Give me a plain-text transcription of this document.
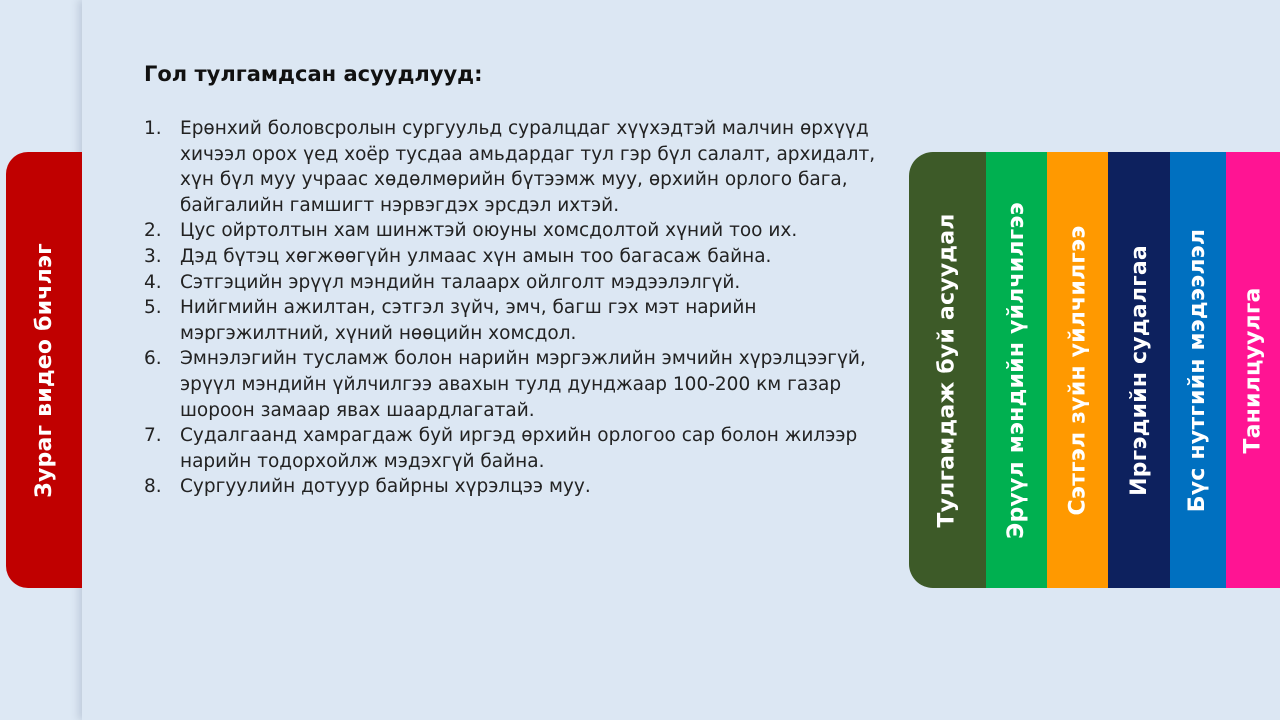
Зураг видео бичлэг
Гол тулгамдсан асуудлууд:
1. Ерөнхий боловсролын сургуульд суралцдаг хүүхэдтэй малчин өрхүүд хичээл орох үед хоёр тусдаа амьдардаг тул гэр бүл салалт, архидалт, хүн бүл муу учраас хөдөлмөрийн бүтээмж муу, өрхийн орлого бага, байгалийн гамшигт нэрвэгдэх эрсдэл ихтэй.
2. Цус ойртолтын хам шинжтэй оюуны хомсдолтой хүний тоо их.
3. Дэд бүтэц хөгжөөгүйн улмаас хүн амын тоо багасаж байна.
4. Сэтгэцийн эрүүл мэндийн талаарх ойлголт мэдээлэлгүй.
5. Нийгмийн ажилтан, сэтгэл зүйч, эмч, багш гэх мэт нарийн мэргэжилтний, хүний нөөцийн хомсдол.
6. Эмнэлэгийн тусламж болон нарийн мэргэжлийн эмчийн хүрэлцээгүй, эрүүл мэндийн үйлчилгээ авахын тулд дунджаар 100-200 км газар шороон замаар явах шаардлагатай.
7. Судалгаанд хамрагдаж буй иргэд өрхийн орлогоо сар болон жилээр нарийн тодорхойлж мэдэхгүй байна.
8. Сургуулийн дотуур байрны хүрэлцээ муу.	Тулгамдаж буй асуудал Эрүүл мэндийн үйлчилгээ Сэтгэл зүйн үйлчилгээ Иргэдийн судалгаа Бүс нутгийн мэдээлэл Танилцуулга
